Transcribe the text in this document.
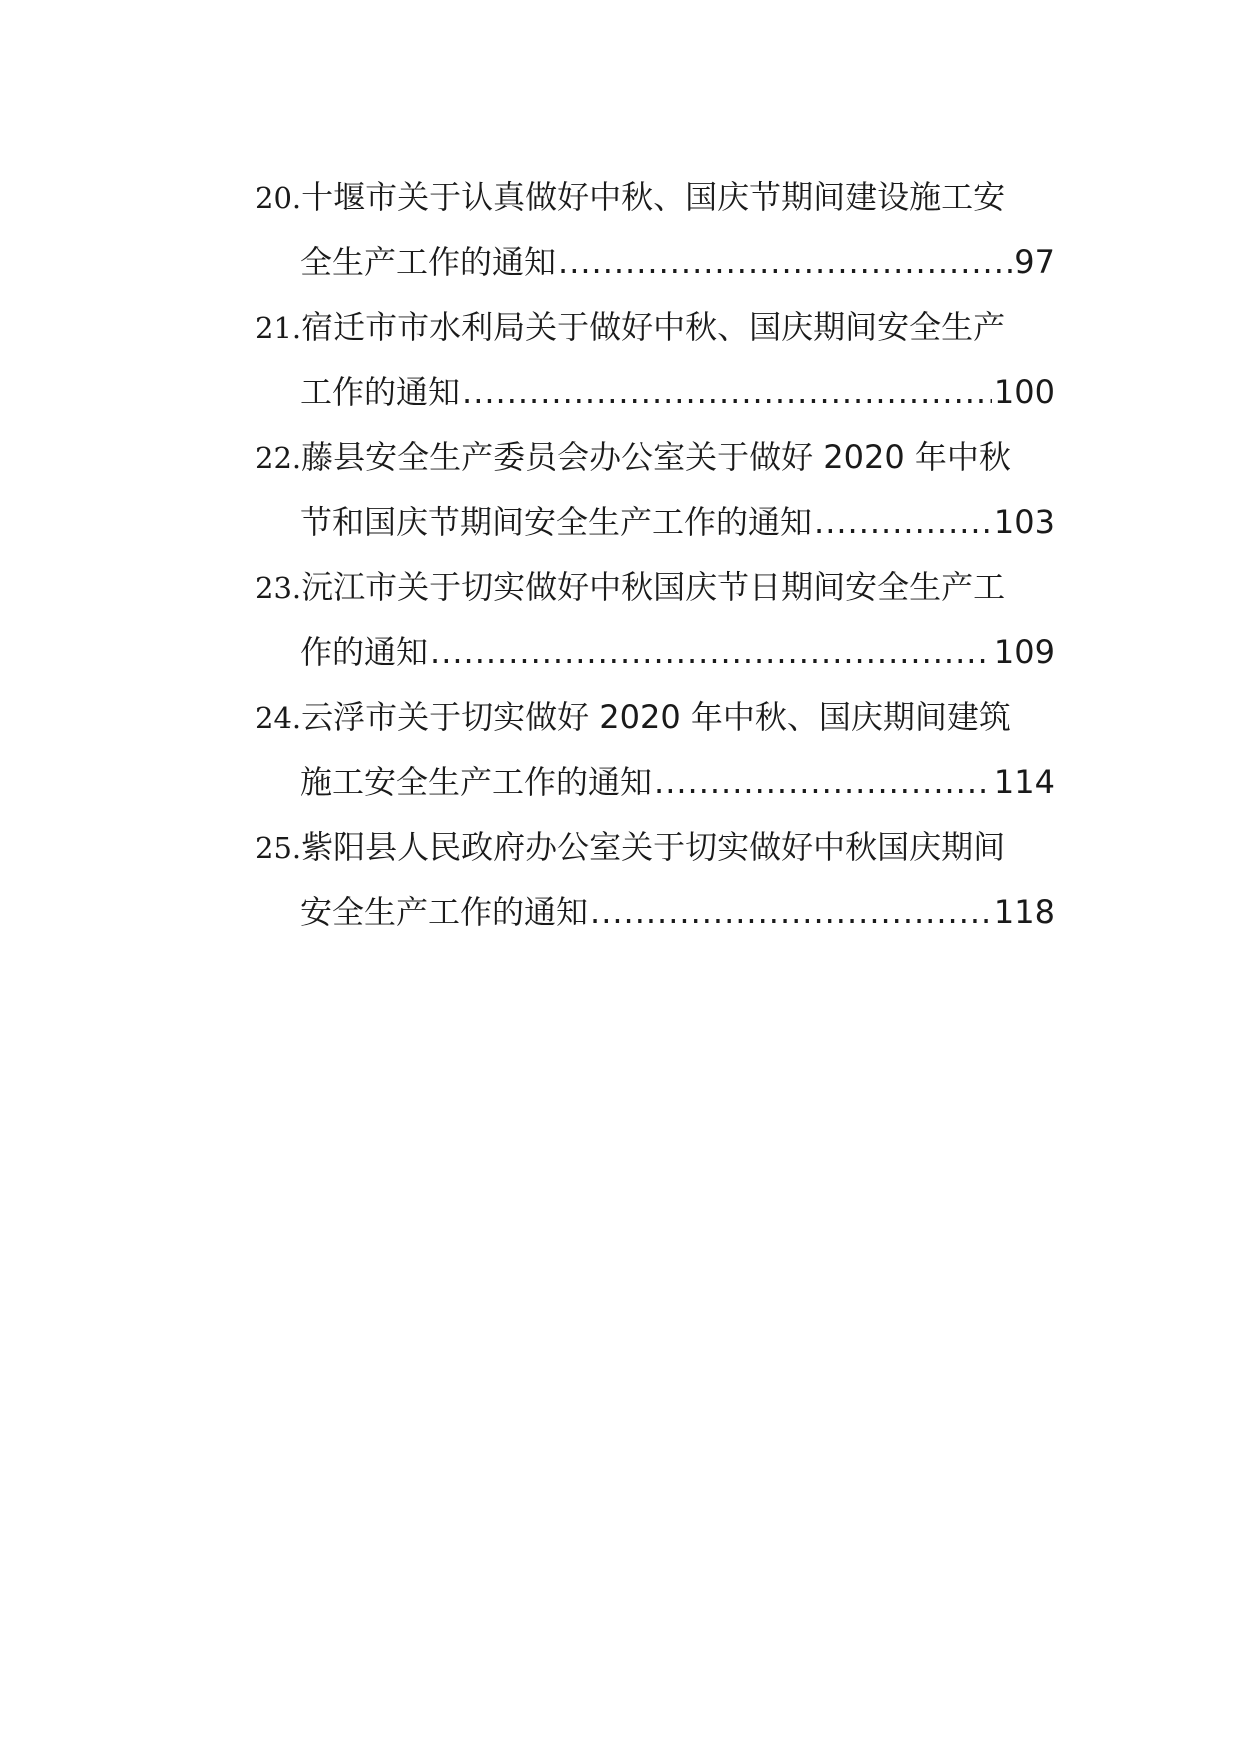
20. 十堰市关于认真做好中秋、国庆节期间建设施工安
全生产工作的通知 .....	97
21. 宿迁市市水利局关于做好中秋、国庆期间安全生产
工作的通知 .....	100
22. 藤县安全生产委员会办公室关于做好 2020 年中秋
节和国庆节期间安全生产工作的通知 .....	103
23. 沅江市关于切实做好中秋国庆节日期间安全生产工
作的通知 .....	109
24. 云浮市关于切实做好 2020 年中秋、国庆期间建筑
施工安全生产工作的通知 .....	114
25. 紫阳县人民政府办公室关于切实做好中秋国庆期间
安全生产工作的通知 .....	118
